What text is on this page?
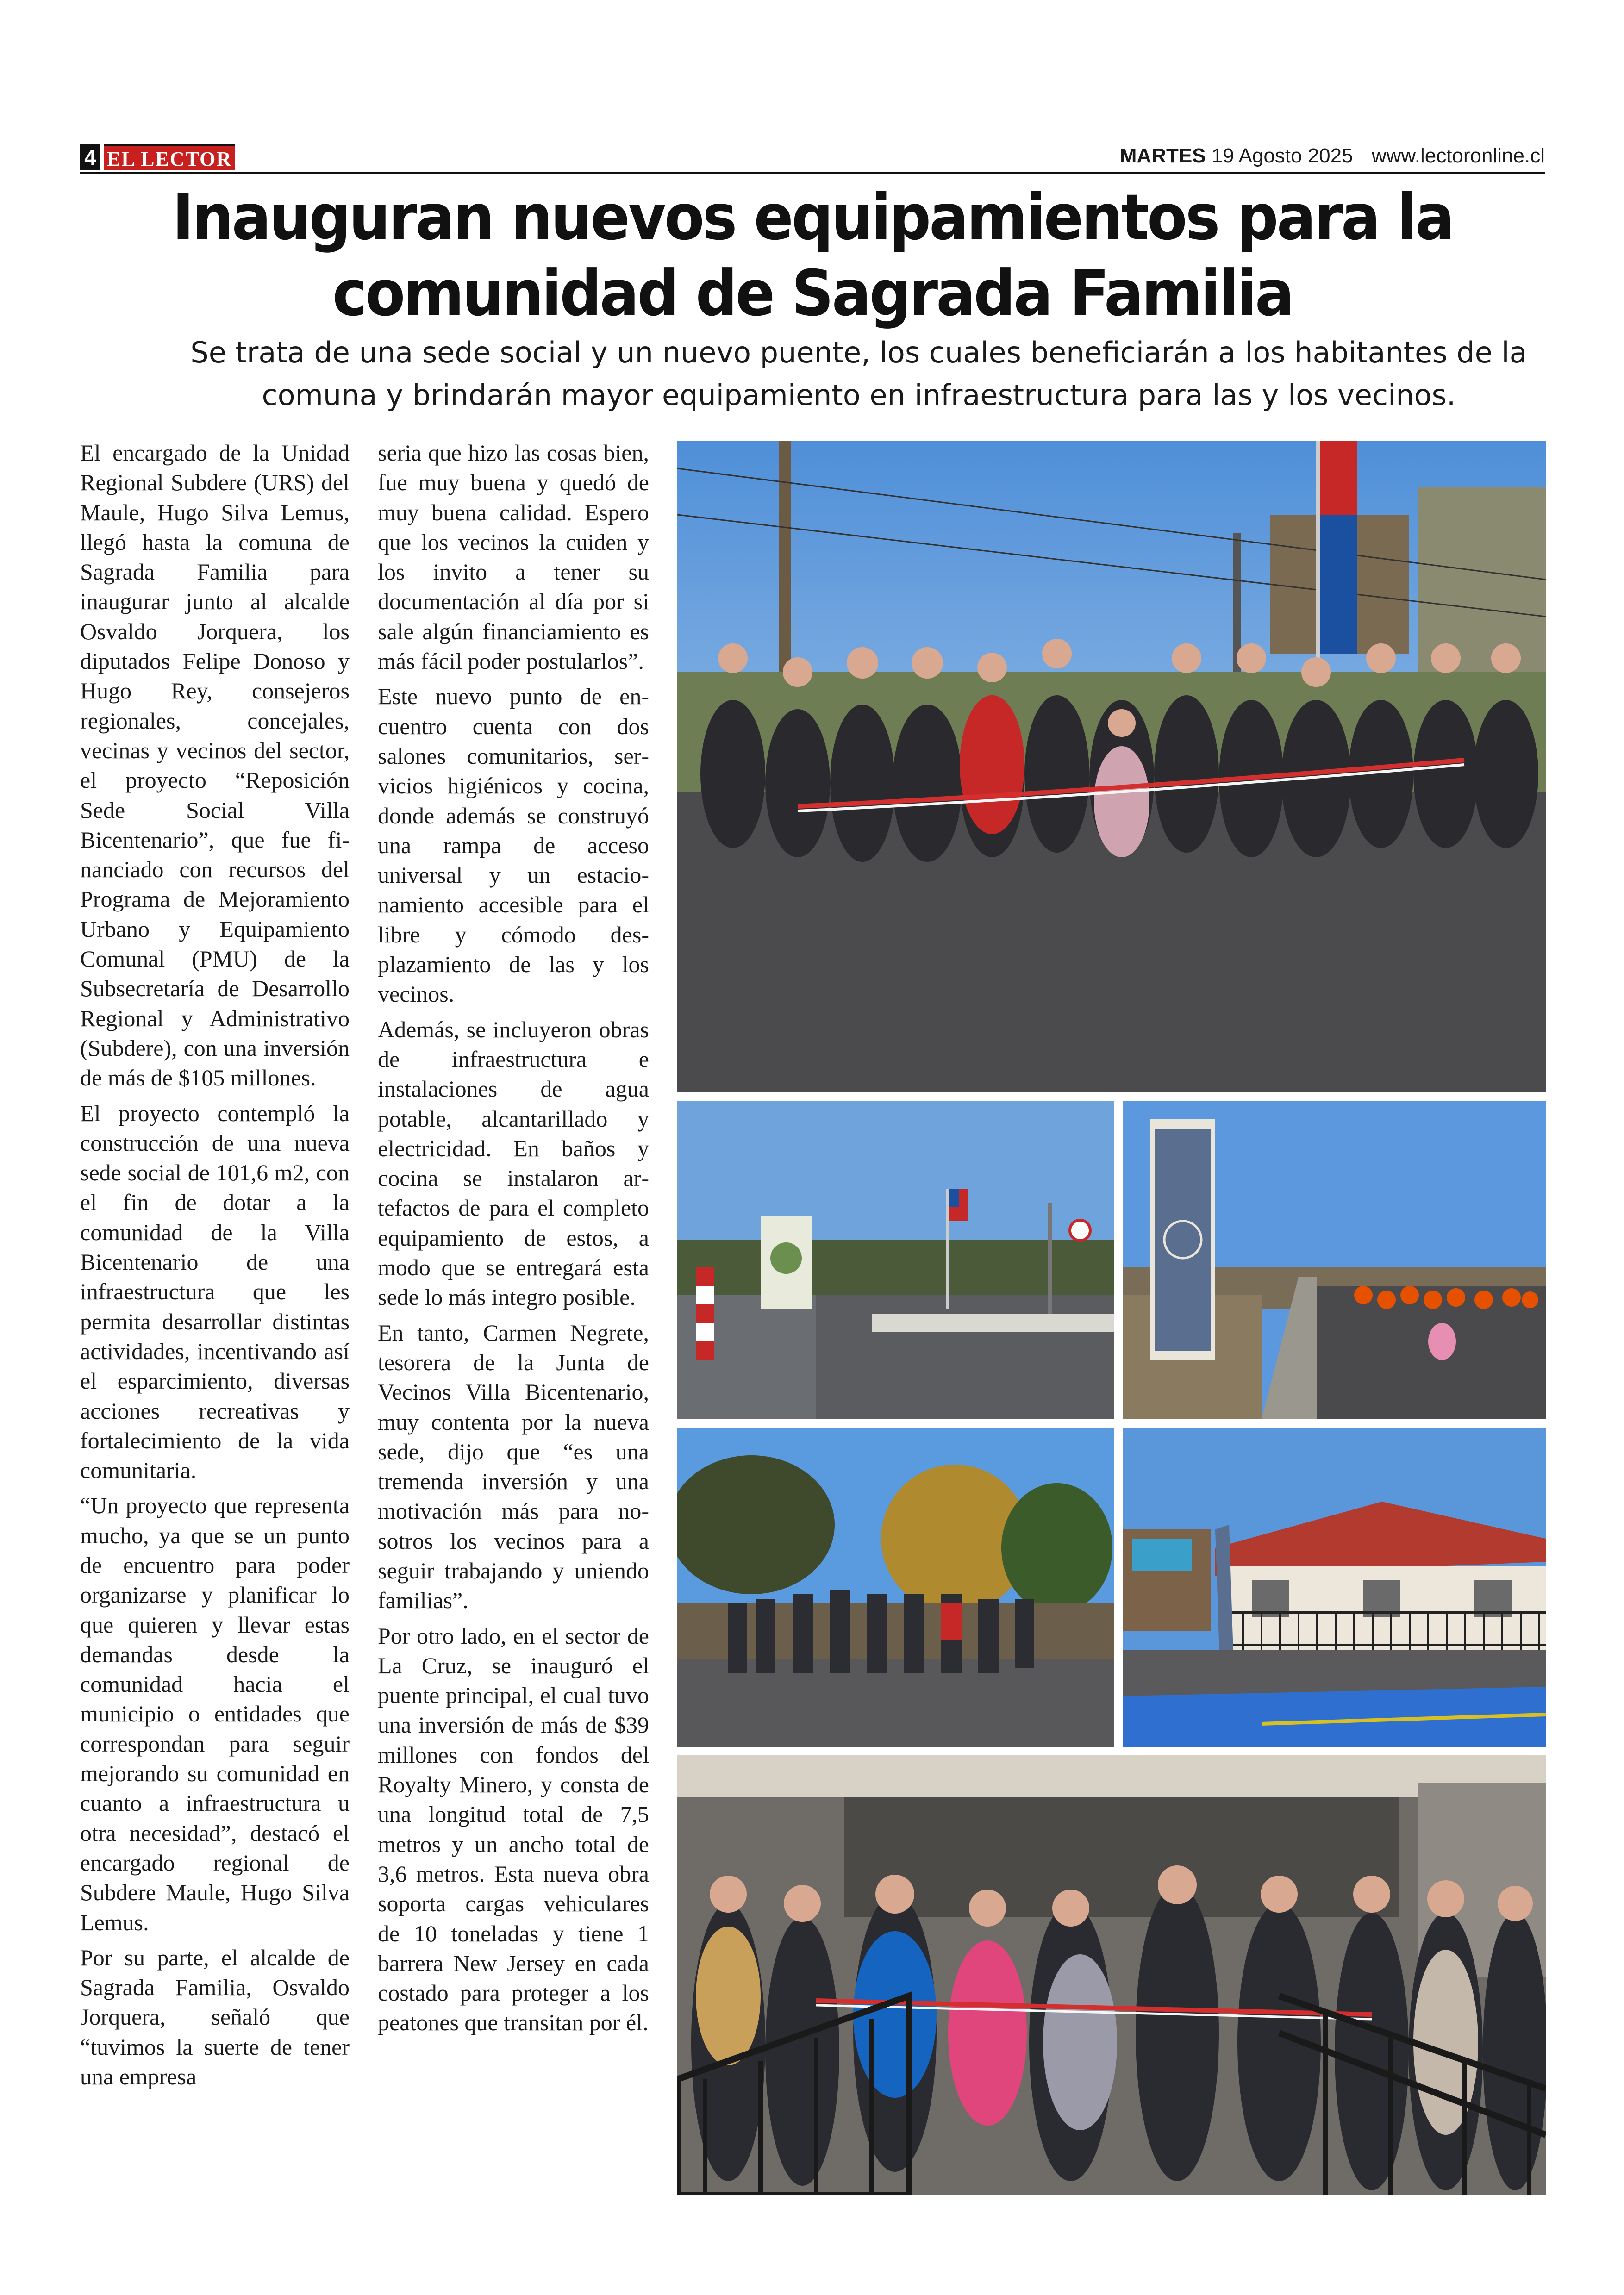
4 EL LECTOR	MARTES 19 Agosto 2025 www.lectoronline.cl
Inauguran nuevos equipamientos para la comunidad de Sagrada Familia
Se trata de una sede social y un nuevo puente, los cuales beneficiarán a los habitantes de la comuna y brindarán mayor equipamiento en infraestructura para las y los vecinos.

El encargado de la Unidad Regional Subdere (URS) del Maule, Hugo Silva Lemus, llegó hasta la comuna de Sagrada Familia para inaugurar junto al alcalde Osvaldo Jorquera, los diputados Felipe Donoso y Hugo Rey, consejeros regionales, concejales, vecinas y vecinos del sector, el proyecto “Reposición Sede Social Villa Bicentenario”, que fue financiado con recursos del Programa de Mejoramiento Urbano y Equipamiento Comunal (PMU) de la Subsecretaría de Desarrollo Regional y Administrativo (Subdere), con una inversión de más de $105 millones.

El proyecto contempló la construcción de una nueva sede social de 101,6 m2, con el fin de dotar a la comunidad de la Villa Bicentenario de una infraestructura que les permita desarrollar distintas actividades, incentivando así el esparcimiento, diversas acciones recreativas y fortalecimiento de la vida comunitaria.

“Un proyecto que representa mucho, ya que se un punto de encuentro para poder organizarse y planificar lo que quieren y llevar estas demandas desde la comunidad hacia el municipio o entidades que correspondan para seguir mejorando su comunidad en cuanto a infraestructura u otra necesidad”, destacó el encargado regional de Subdere Maule, Hugo Silva Lemus.

Por su parte, el alcalde de Sagrada Familia, Osvaldo Jorquera, señaló que “tuvimos la suerte de tener una empresa

seria que hizo las cosas bien, fue muy buena y quedó de muy buena calidad. Espero que los vecinos la cuiden y los invito a tener su documentación al día por si sale algún financiamiento es más fácil poder postularlos”.

Este nuevo punto de encuentro cuenta con dos salones comunitarios, servicios higiénicos y cocina, donde además se construyó una rampa de acceso universal y un estacionamiento accesible para el libre y cómodo desplazamiento de las y los vecinos.

Además, se incluyeron obras de infraestructura e instalaciones de agua potable, alcantarillado y electricidad. En baños y cocina se instalaron artefactos de para el completo equipamiento de estos, a modo que se entregará esta sede lo más integro posible.

En tanto, Carmen Negrete, tesorera de la Junta de Vecinos Villa Bicentenario, muy contenta por la nueva sede, dijo que “es una tremenda inversión y una motivación más para nosotros los vecinos para a seguir trabajando y uniendo familias”.

Por otro lado, en el sector de La Cruz, se inauguró el puente principal, el cual tuvo una inversión de más de $39 millones con fondos del Royalty Minero, y consta de una longitud total de 7,5 metros y un ancho total de 3,6 metros. Esta nueva obra soporta cargas vehiculares de 10 toneladas y tiene 1 barrera New Jersey en cada costado para proteger a los peatones que transitan por él.
